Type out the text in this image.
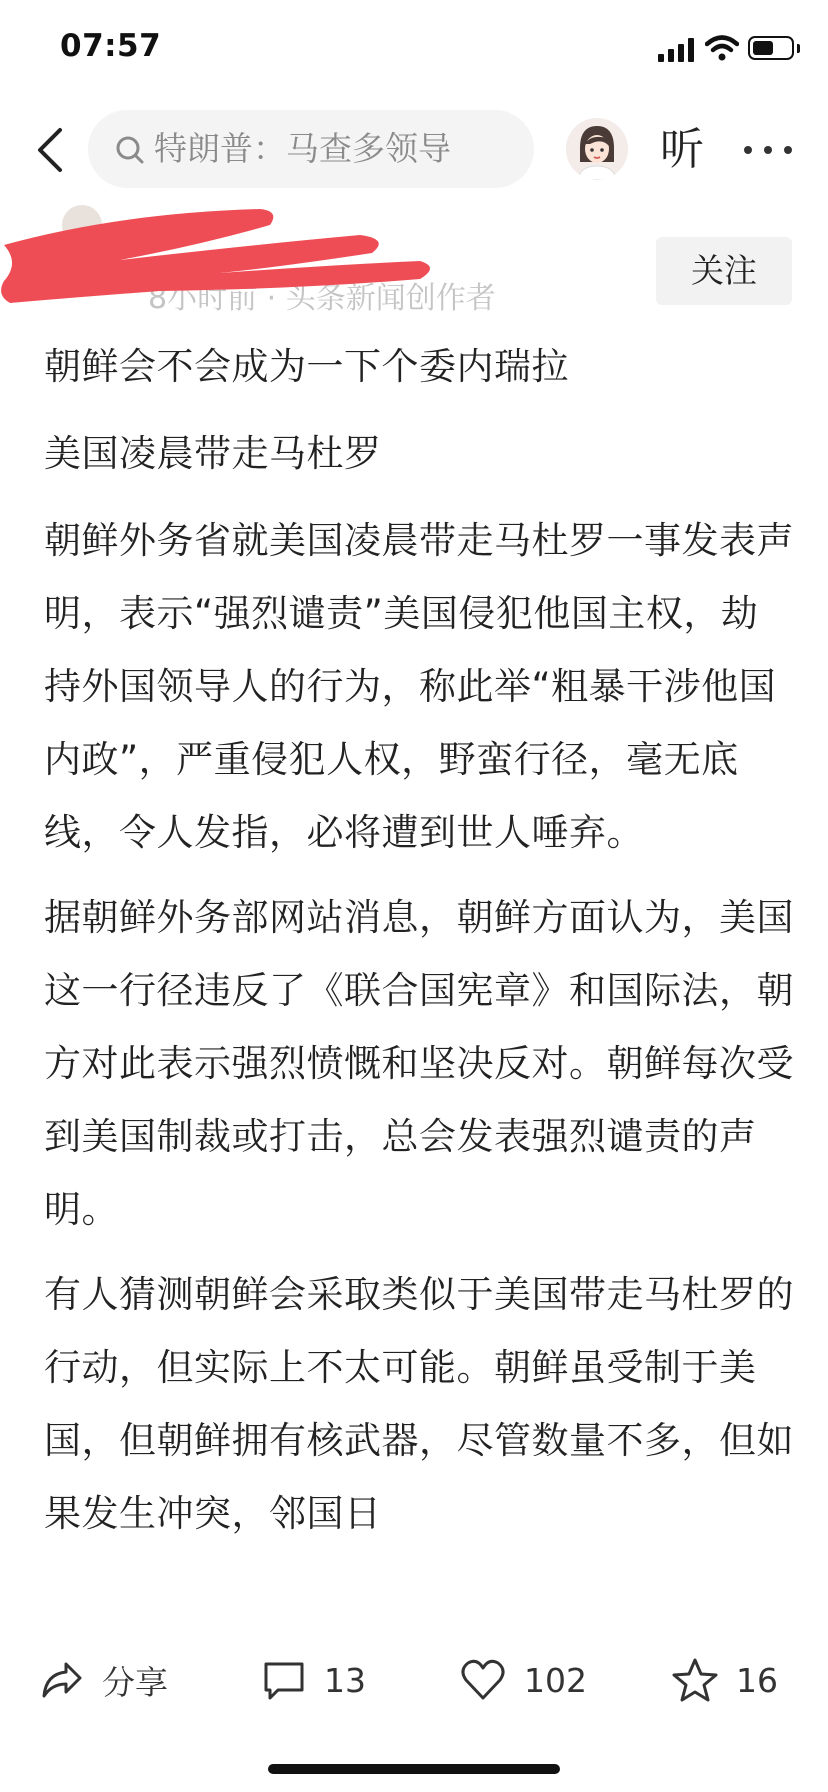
07:57
特朗普：马查多领导	听
8小时前 · 头条新闻创作者
关注

朝鲜会不会成为一下个委内瑞拉

美国凌晨带走马杜罗

朝鲜外务省就美国凌晨带走马杜罗一事发表声明，表示“强烈谴责”美国侵犯他国主权，劫持外国领导人的行为，称此举“粗暴干涉他国内政”，严重侵犯人权，野蛮行径，毫无底线，令人发指，必将遭到世人唾弃。

据朝鲜外务部网站消息，朝鲜方面认为，美国这一行径违反了《联合国宪章》和国际法，朝方对此表示强烈愤慨和坚决反对。朝鲜每次受到美国制裁或打击，总会发表强烈谴责的声明。

有人猜测朝鲜会采取类似于美国带走马杜罗的行动，但实际上不太可能。朝鲜虽受制于美国，但朝鲜拥有核武器，尽管数量不多，但如果发生冲突，邻国日

分享	13	102	16
